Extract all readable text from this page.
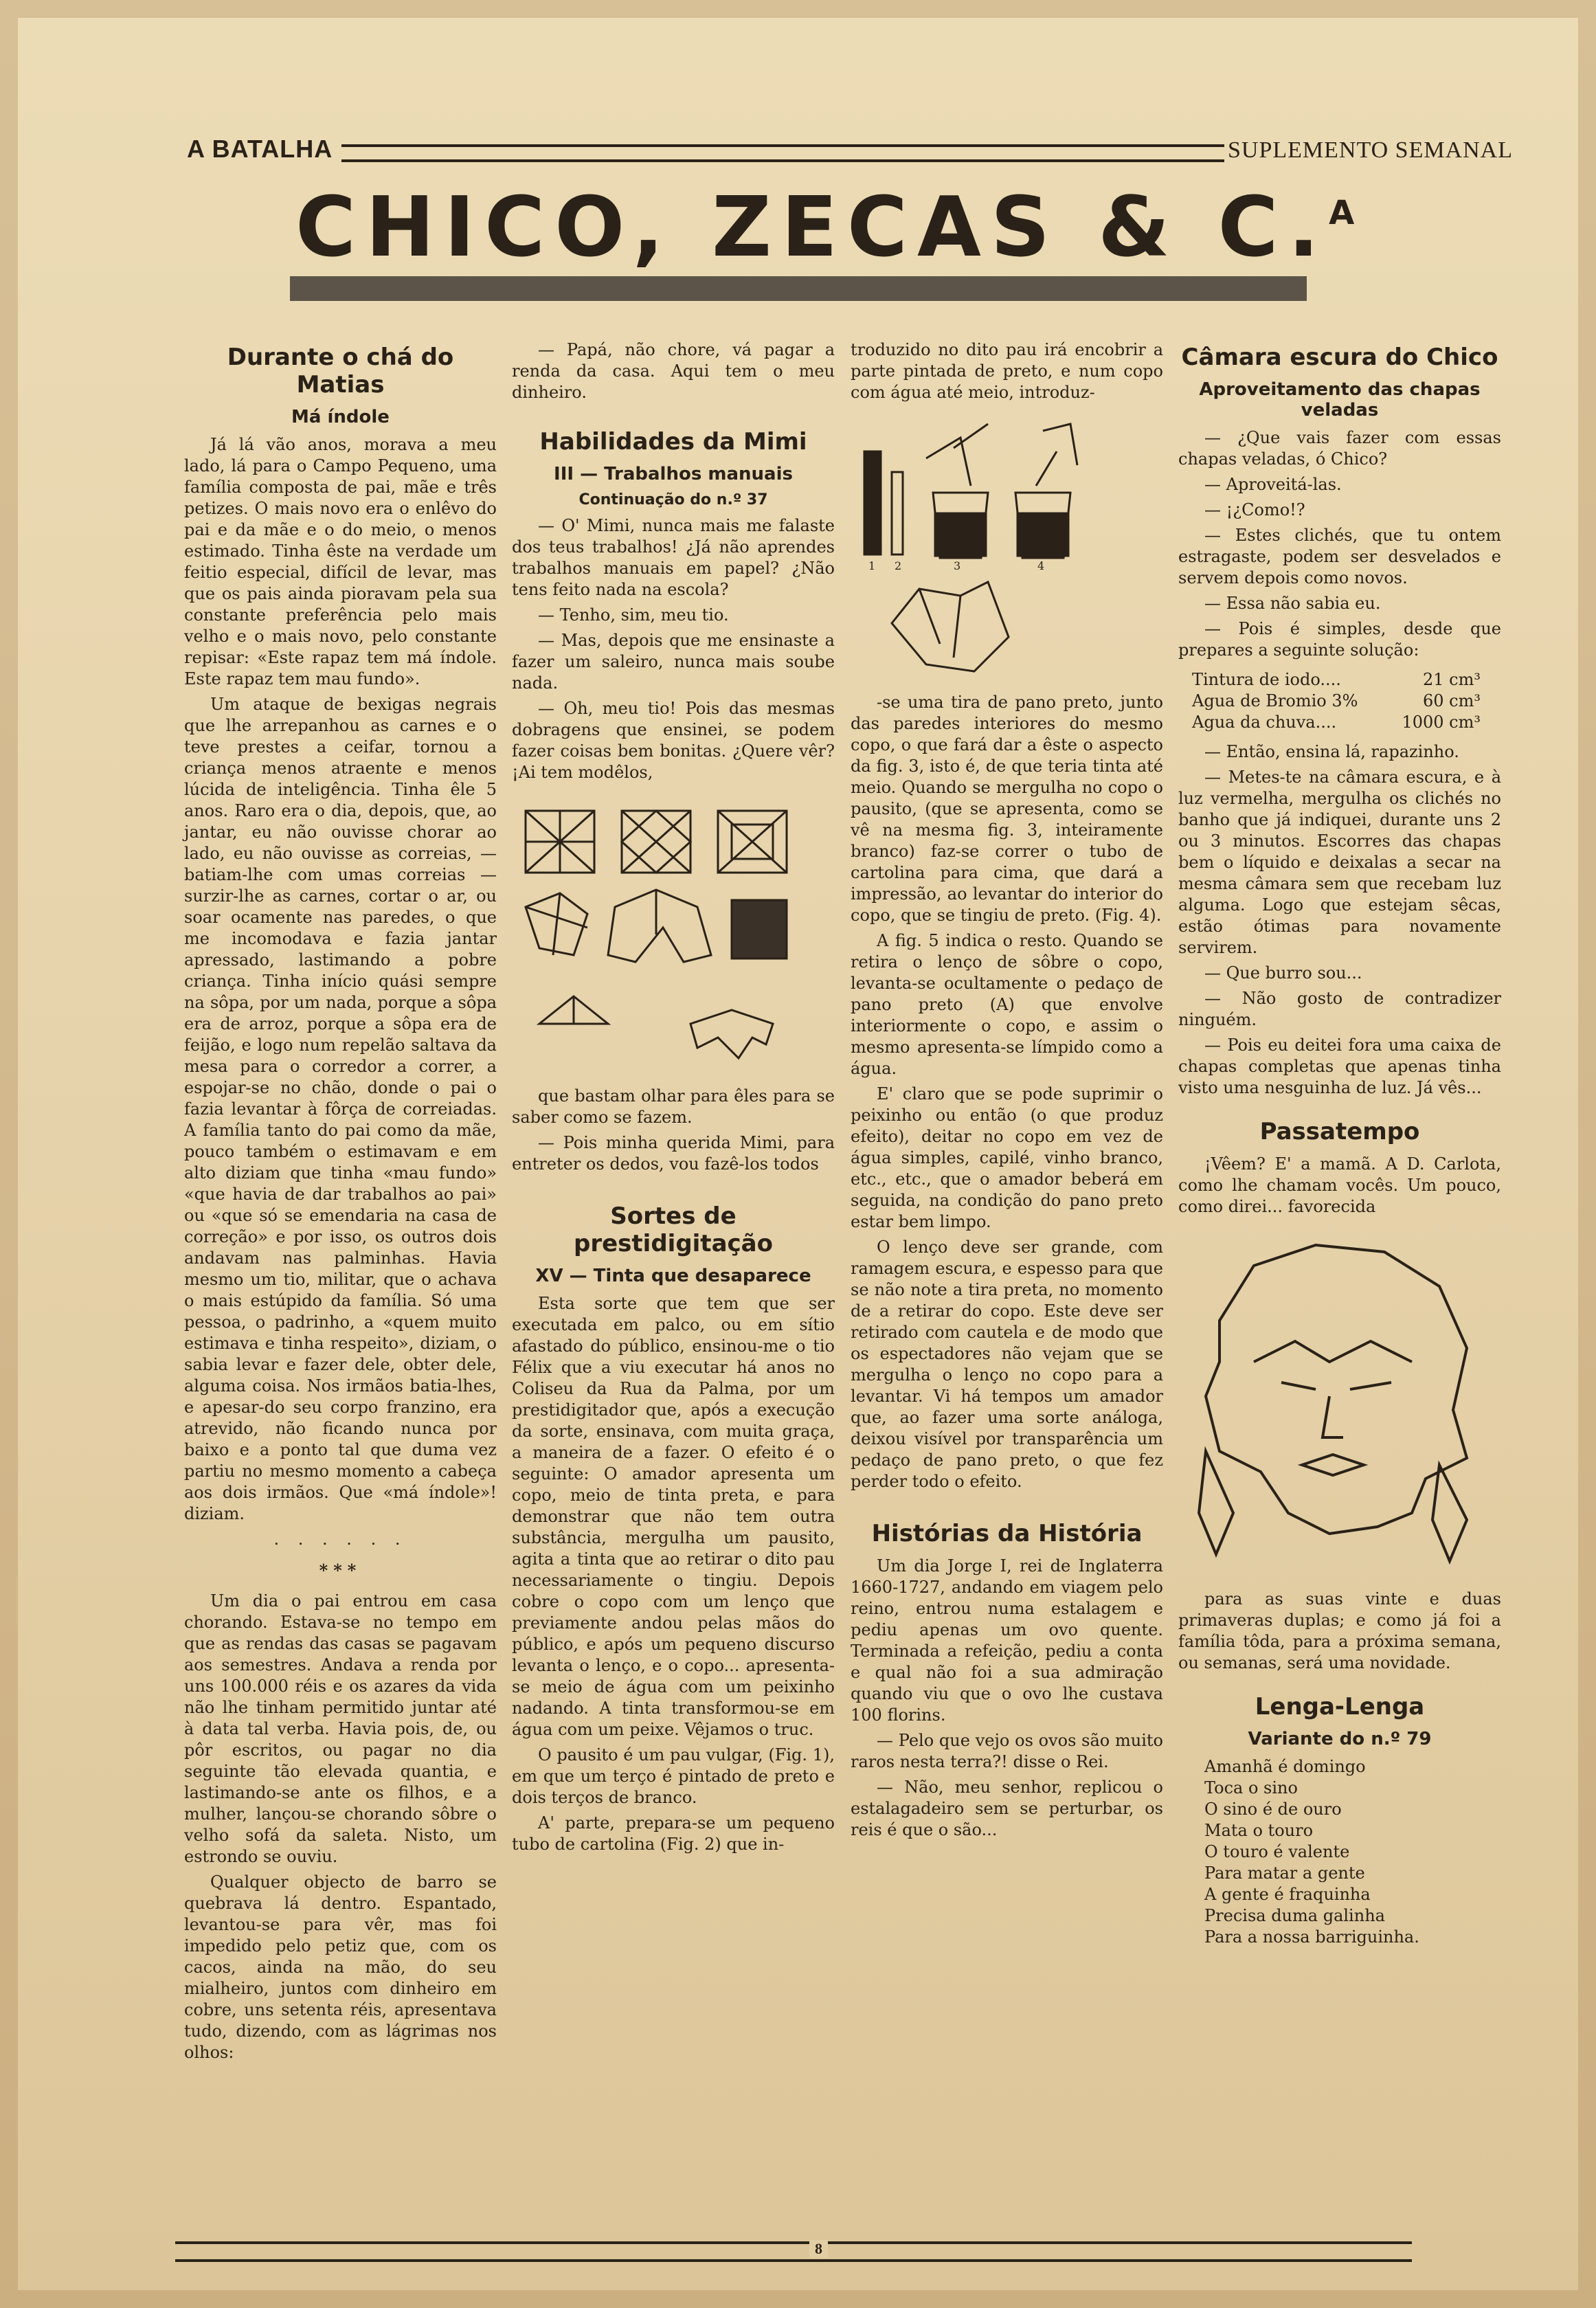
A BATALHA	SUPLEMENTO SEMANAL
CHICO, ZECAS & C.$^A$
Durante o chá do Matias
Má índole

Já lá vão anos, morava a meu lado, lá para o Campo Pequeno, uma família composta de pai, mãe e três petizes. O mais novo era o enlêvo do pai e da mãe e o do meio, o menos estimado. Tinha êste na verdade um feitio especial, difícil de levar, mas que os pais ainda pioravam pela sua constante preferência pelo mais velho e o mais novo, pelo constante repisar: «Este rapaz tem má índole. Este rapaz tem mau fundo».

Um ataque de bexigas negrais que lhe arrepanhou as carnes e o teve prestes a ceifar, tornou a criança menos atraente e menos lúcida de inteligência. Tinha êle 5 anos. Raro era o dia, depois, que, ao jantar, eu não ouvisse chorar ao lado, eu não ouvisse as correias, — batiam-lhe com umas correias — surzir-lhe as carnes, cortar o ar, ou soar ocamente nas paredes, o que me incomodava e fazia jantar apressado, lastimando a pobre criança. Tinha início quási sempre na sôpa, por um nada, porque a sôpa era de arroz, porque a sôpa era de feijão, e logo num repelão saltava da mesa para o corredor a correr, a espojar-se no chão, donde o pai o fazia levantar à fôrça de correiadas. A família tanto do pai como da mãe, pouco também o estimavam e em alto diziam que tinha «mau fundo» «que havia de dar trabalhos ao pai» ou «que só se emendaria na casa de correção» e por isso, os outros dois andavam nas palminhas. Havia mesmo um tio, militar, que o achava o mais estúpido da família. Só uma pessoa, o padrinho, a «quem muito estimava e tinha respeito», diziam, o sabia levar e fazer dele, obter dele, alguma coisa. Nos irmãos batia-lhes, e apesar-do seu corpo franzino, era atrevido, não ficando nunca por baixo e a ponto tal que duma vez partiu no mesmo momento a cabeça aos dois irmãos. Que «má índole»! diziam.

. . . . . .
***

Um dia o pai entrou em casa chorando. Estava-se no tempo em que as rendas das casas se pagavam aos semestres. Andava a renda por uns 100.000 réis e os azares da vida não lhe tinham permitido juntar até à data tal verba. Havia pois, de, ou pôr escritos, ou pagar no dia seguinte tão elevada quantia, e lastimando-se ante os filhos, e a mulher, lançou-se chorando sôbre o velho sofá da saleta. Nisto, um estrondo se ouviu.

Qualquer objecto de barro se quebrava lá dentro. Espantado, levantou-se para vêr, mas foi impedido pelo petiz que, com os cacos, ainda na mão, do seu mialheiro, juntos com dinheiro em cobre, uns setenta réis, apresentava tudo, dizendo, com as lágrimas nos olhos:

— Papá, não chore, vá pagar a renda da casa. Aqui tem o meu dinheiro.

Habilidades da Mimi
III — Trabalhos manuais
Continuação do n.º 37

— O' Mimi, nunca mais me falaste dos teus trabalhos! ¿Já não aprendes trabalhos manuais em papel? ¿Não tens feito nada na escola?

— Tenho, sim, meu tio.

— Mas, depois que me ensinaste a fazer um saleiro, nunca mais soube nada.

— Oh, meu tio! Pois das mesmas dobragens que ensinei, se podem fazer coisas bem bonitas. ¿Quere vêr? ¡Ai tem modêlos,

que bastam olhar para êles para se saber como se fazem.

— Pois minha querida Mimi, para entreter os dedos, vou fazê-los todos

Sortes de prestidigitação
XV — Tinta que desaparece

Esta sorte que tem que ser executada em palco, ou em sítio afastado do público, ensinou-me o tio Félix que a viu executar há anos no Coliseu da Rua da Palma, por um prestidigitador que, após a execução da sorte, ensinava, com muita graça, a maneira de a fazer. O efeito é o seguinte: O amador apresenta um copo, meio de tinta preta, e para demonstrar que não tem outra substância, mergulha um pausito, agita a tinta que ao retirar o dito pau necessariamente o tingiu. Depois cobre o copo com um lenço que previamente andou pelas mãos do público, e após um pequeno discurso levanta o lenço, e o copo... apresenta-se meio de água com um peixinho nadando. A tinta transformou-se em água com um peixe. Vêjamos o truc.

O pausito é um pau vulgar, (Fig. 1), em que um terço é pintado de preto e dois terços de branco.

A' parte, prepara-se um pequeno tubo de cartolina (Fig. 2) que in-

troduzido no dito pau irá encobrir a parte pintada de preto, e num copo com água até meio, introduz-

1 2	3	4

-se uma tira de pano preto, junto das paredes interiores do mesmo copo, o que fará dar a êste o aspecto da fig. 3, isto é, de que teria tinta até meio. Quando se mergulha no copo o pausito, (que se apresenta, como se vê na mesma fig. 3, inteiramente branco) faz-se correr o tubo de cartolina para cima, que dará a impressão, ao levantar do interior do copo, que se tingiu de preto. (Fig. 4).

A fig. 5 indica o resto. Quando se retira o lenço de sôbre o copo, levanta-se ocultamente o pedaço de pano preto (A) que envolve interiormente o copo, e assim o mesmo apresenta-se límpido como a água.

E' claro que se pode suprimir o peixinho ou então (o que produz efeito), deitar no copo em vez de água simples, capilé, vinho branco, etc., etc., que o amador beberá em seguida, na condição do pano preto estar bem limpo.

O lenço deve ser grande, com ramagem escura, e espesso para que se não note a tira preta, no momento de a retirar do copo. Este deve ser retirado com cautela e de modo que os espectadores não vejam que se mergulha o lenço no copo para a levantar. Vi há tempos um amador que, ao fazer uma sorte análoga, deixou visível por transparência um pedaço de pano preto, o que fez perder todo o efeito.

Histórias da História

Um dia Jorge I, rei de Inglaterra 1660-1727, andando em viagem pelo reino, entrou numa estalagem e pediu apenas um ovo quente. Terminada a refeição, pediu a conta e qual não foi a sua admiração quando viu que o ovo lhe custava 100 florins.

— Pelo que vejo os ovos são muito raros nesta terra?! disse o Rei.

— Não, meu senhor, replicou o estalagadeiro sem se perturbar, os reis é que o são...

Câmara escura do Chico
Aproveitamento das chapas veladas

— ¿Que vais fazer com essas chapas veladas, ó Chico?

— Aproveitá-las.

— ¡¿Como!?

— Estes clichés, que tu ontem estragaste, podem ser desvelados e servem depois como novos.

— Essa não sabia eu.

— Pois é simples, desde que prepares a seguinte solução:

Tintura de iodo....	21 cm³
Agua de Bromio 3%	60 cm³
Agua da chuva....	1000 cm³

— Então, ensina lá, rapazinho.

— Metes-te na câmara escura, e à luz vermelha, mergulha os clichés no banho que já indiquei, durante uns 2 ou 3 minutos. Escorres das chapas bem o líquido e deixalas a secar na mesma câmara sem que recebam luz alguma. Logo que estejam sêcas, estão ótimas para novamente servirem.

— Que burro sou...

— Não gosto de contradizer ninguém.

— Pois eu deitei fora uma caixa de chapas completas que apenas tinha visto uma nesguinha de luz. Já vês...

Passatempo

¡Vêem? E' a mamã. A D. Carlota, como lhe chamam vocês. Um pouco, como direi... favorecida

para as suas vinte e duas primaveras duplas; e como já foi a família tôda, para a próxima semana, ou semanas, será uma novidade.

Lenga-Lenga
Variante do n.º 79
Amanhã é domingo
Toca o sino
O sino é de ouro
Mata o touro
O touro é valente
Para matar a gente
A gente é fraquinha
Precisa duma galinha
Para a nossa barriguinha.
8
